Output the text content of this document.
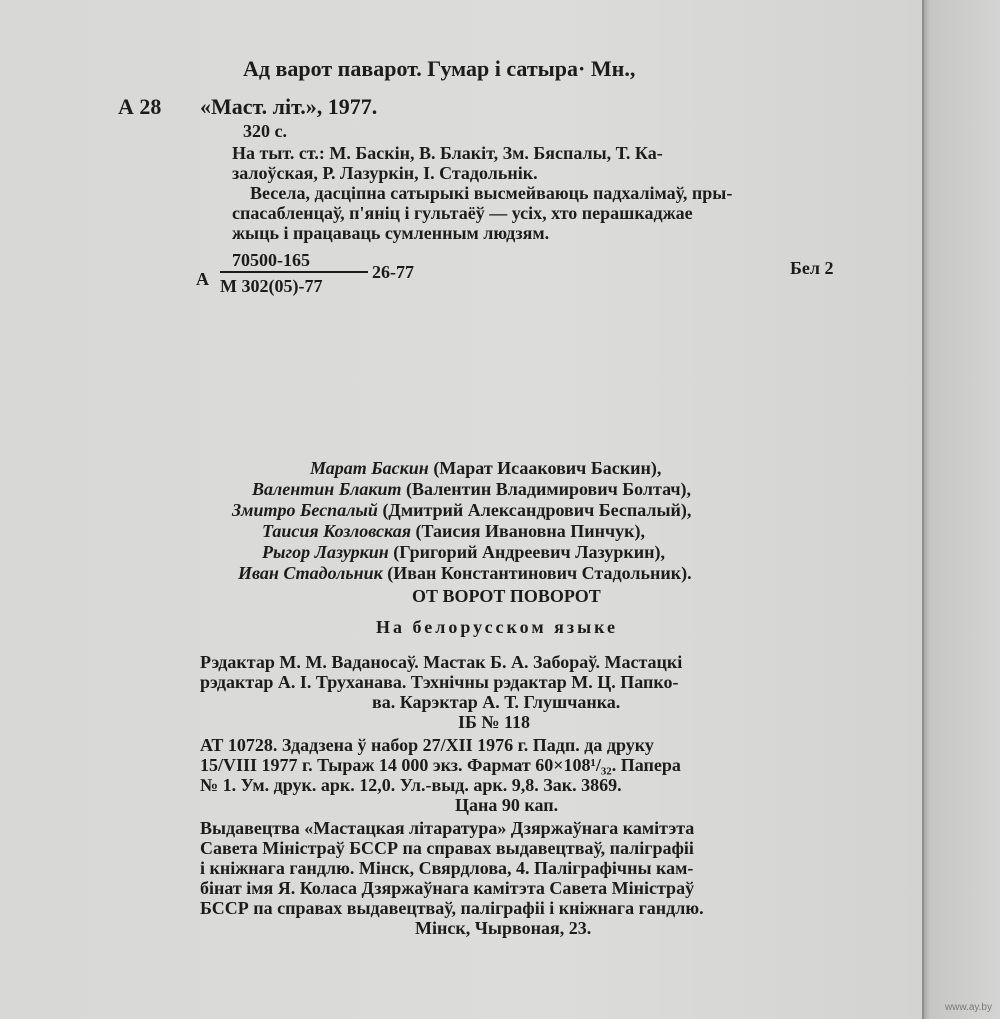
Ад варот паварот. Гумар і сатыра· Мн.,
А 28 «Маст. літ.», 1977.
320 с.
На тыт. ст.: М. Баскін, В. Блакіт, Зм. Бяспалы, Т. Ка-
залоўская, Р. Лазуркін, І. Стадольнік.
Весела, дасціпна сатырыкі высмейваюць падхалімаў, пры-
спасабленцаў, п'яніц і гультаёў — усіх, хто перашкаджае
жыць і працаваць сумленным людзям.
А
70500-165
М 302(05)-77
26-77	Бел 2
Марат Баскин (Марат Исаакович Баскин),
Валентин Блакит (Валентин Владимирович Болтач),
Змитро Беспалый (Дмитрий Александрович Беспалый),
Таисия Козловская (Таисия Ивановна Пинчук),
Рыгор Лазуркин (Григорий Андреевич Лазуркин),
Иван Стадольник (Иван Константинович Стадольник).
ОТ ВОРОТ ПОВОРОТ
На белорусском языке
Рэдактар М. М. Ваданосаў. Мастак Б. А. Забораў. Мастацкі
рэдактар А. І. Труханава. Тэхнічны рэдактар М. Ц. Папко-
ва. Карэктар А. Т. Глушчанка.
ІБ № 118
АТ 10728. Здадзена ў набор 27/ХІІ 1976 г. Падп. да друку
15/VIII 1977 г. Тыраж 14 000 экз. Фармат 60×108¹/₃₂. Папера
№ 1. Ум. друк. арк. 12,0. Ул.-выд. арк. 9,8. Зак. 3869.
Цана 90 кап.
Выдавецтва «Мастацкая літаратура» Дзяржаўнага камітэта
Савета Міністраў БССР па справах выдавецтваў, паліграфіі
і кніжнага гандлю. Мінск, Свярдлова, 4. Паліграфічны кам-
бінат імя Я. Коласа Дзяржаўнага камітэта Савета Міністраў
БССР па справах выдавецтваў, паліграфіі і кніжнага гандлю.
Мінск, Чырвоная, 23.
www.ay.by
